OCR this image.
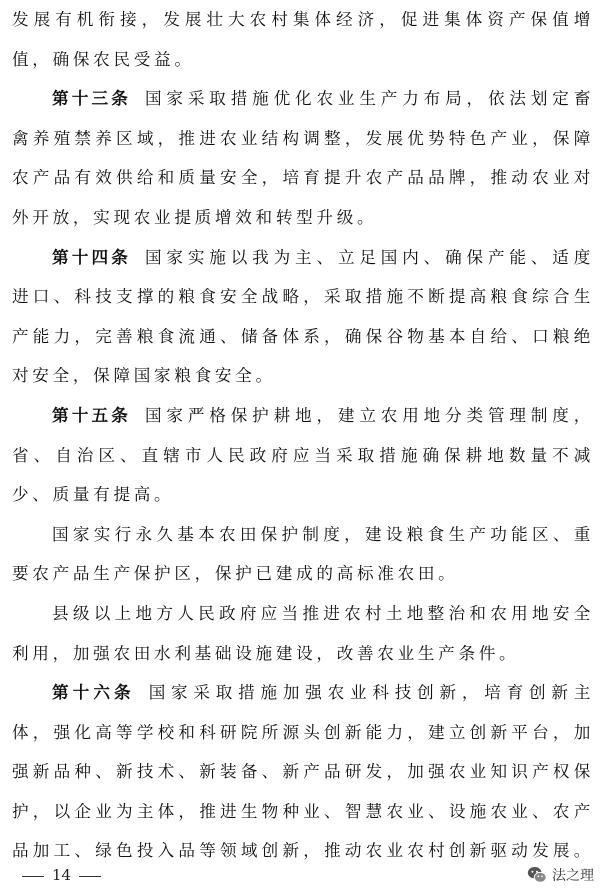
发展有机衔接，发展壮大农村集体经济，促进集体资产保值增

值，确保农民受益。

第十三条 国家采取措施优化农业生产力布局，依法划定畜

禽养殖禁养区域，推进农业结构调整，发展优势特色产业，保障

农产品有效供给和质量安全，培育提升农产品品牌，推动农业对

外开放，实现农业提质增效和转型升级。

第十四条 国家实施以我为主、立足国内、确保产能、适度

进口、科技支撑的粮食安全战略，采取措施不断提高粮食综合生

产能力，完善粮食流通、储备体系，确保谷物基本自给、口粮绝

对安全，保障国家粮食安全。

第十五条 国家严格保护耕地，建立农用地分类管理制度，

省、自治区、直辖市人民政府应当采取措施确保耕地数量不减

少、质量有提高。

国家实行永久基本农田保护制度，建设粮食生产功能区、重

要农产品生产保护区，保护已建成的高标准农田。

县级以上地方人民政府应当推进农村土地整治和农用地安全

利用，加强农田水利基础设施建设，改善农业生产条件。

第十六条 国家采取措施加强农业科技创新，培育创新主

体，强化高等学校和科研院所源头创新能力，建立创新平台，加

强新品种、新技术、新装备、新产品研发，加强农业知识产权保

护，以企业为主体，推进生物种业、智慧农业、设施农业、农产

品加工、绿色投入品等领域创新，推动农业农村创新驱动发展。

14	法之理
